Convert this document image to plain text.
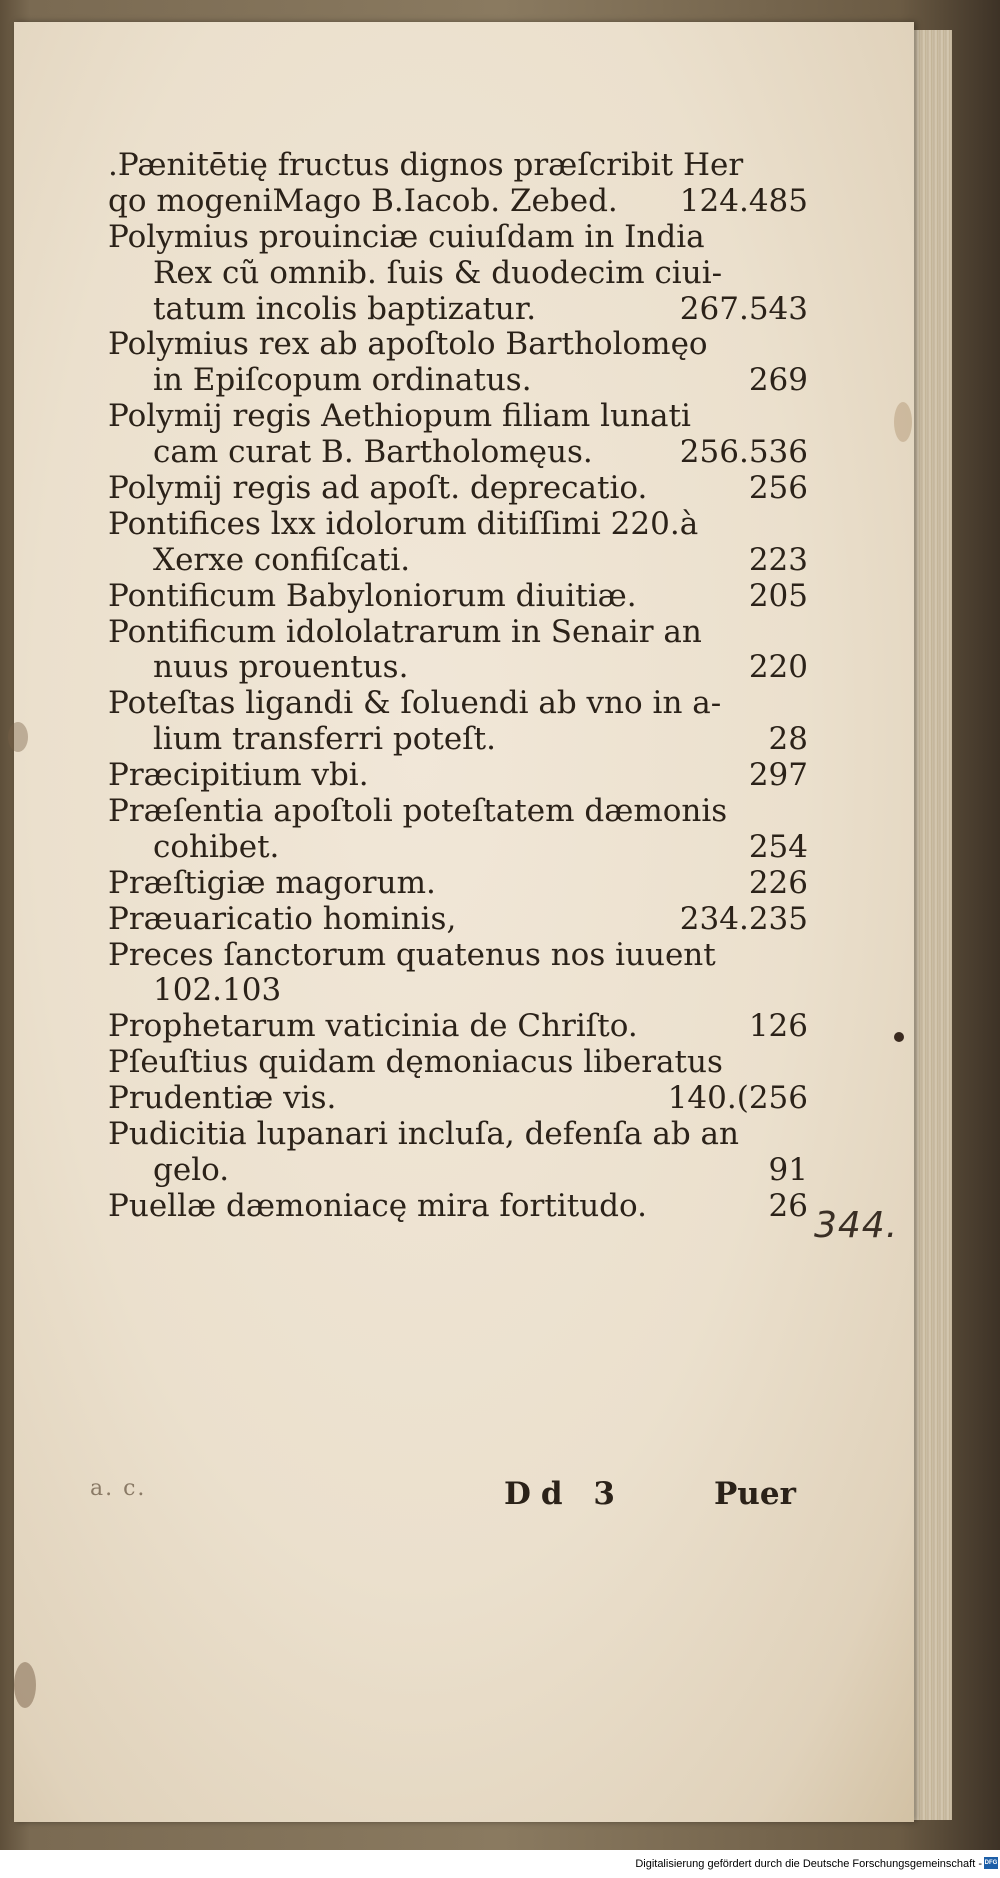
.Pænitētię fructus dignos præſcribit Her
qo mogeniMago B.Iacob. Zebed. 124.485
Polymius prouinciæ cuiuſdam in India
Rex cũ omnib. ſuis & duodecim ciui-
tatum incolis baptizatur.	267.543
Polymius rex ab apoſtolo Bartholomęo
in Epiſcopum ordinatus.	269
Polymij regis Aethiopum filiam lunati
cam curat B. Bartholomęus.	256.536
Polymij regis ad apoſt. deprecatio.	256
Pontifices lxx idolorum ditiſſimi 220.à
Xerxe confiſcati.	223
Pontificum Babyloniorum diuitiæ.	205
Pontificum idololatrarum in Senair an
nuus prouentus.	220
Poteſtas ligandi & ſoluendi ab vno in a-
lium transferri poteſt.	28
Præcipitium vbi.	297
Præſentia apoſtoli poteſtatem dæmonis
cohibet.	254
Præſtigiæ magorum.	226
Præuaricatio hominis,	234.235
Preces ſanctorum quatenus nos iuuent
102.103
Prophetarum vaticinia de Chriſto.	126
Pſeuſtius quidam dęmoniacus liberatus
Prudentiæ vis.	140.(256
Pudicitia lupanari incluſa, defenſa ab an
gelo.	91
Puellæ dæmoniacę mira fortitudo.	26 344.
a. c.	Dd 3	Puer
Digitalisierung gefördert durch die Deutsche Forschungsgemeinschaft - DFG
